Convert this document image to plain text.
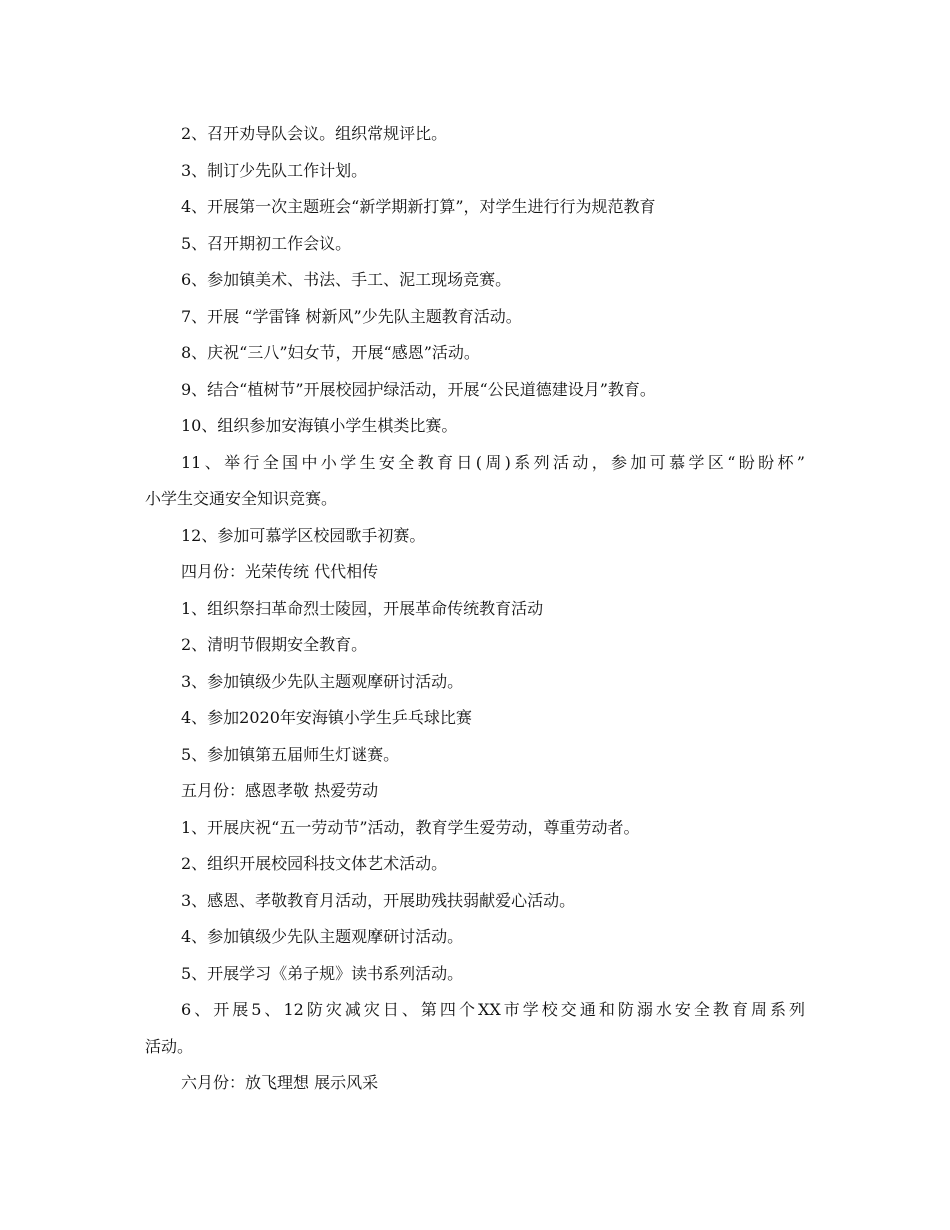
2、召开劝导队会议。组织常规评比。
3、制订少先队工作计划。
4、开展第一次主题班会“新学期新打算”，对学生进行行为规范教育
5、召开期初工作会议。
6、参加镇美术、书法、手工、泥工现场竞赛。
7、开展 “学雷锋 树新风”少先队主题教育活动。
8、庆祝“三八”妇女节，开展“感恩”活动。
9、结合“植树节”开展校园护绿活动，开展“公民道德建设月”教育。
10、组织参加安海镇小学生棋类比赛。
11、举行全国中小学生安全教育日(周)系列活动，参加可慕学区“盼盼杯”
小学生交通安全知识竞赛。
12、参加可慕学区校园歌手初赛。
四月份：光荣传统 代代相传
1、组织祭扫革命烈士陵园，开展革命传统教育活动
2、清明节假期安全教育。
3、参加镇级少先队主题观摩研讨活动。
4、参加2020年安海镇小学生乒乓球比赛
5、参加镇第五届师生灯谜赛。
五月份：感恩孝敬 热爱劳动
1、开展庆祝“五一劳动节”活动，教育学生爱劳动，尊重劳动者。
2、组织开展校园科技文体艺术活动。
3、感恩、孝敬教育月活动，开展助残扶弱献爱心活动。
4、参加镇级少先队主题观摩研讨活动。
5、开展学习《弟子规》读书系列活动。
6、开展5、12防灾减灾日、第四个XX市学校交通和防溺水安全教育周系列
活动。
六月份：放飞理想 展示风采
